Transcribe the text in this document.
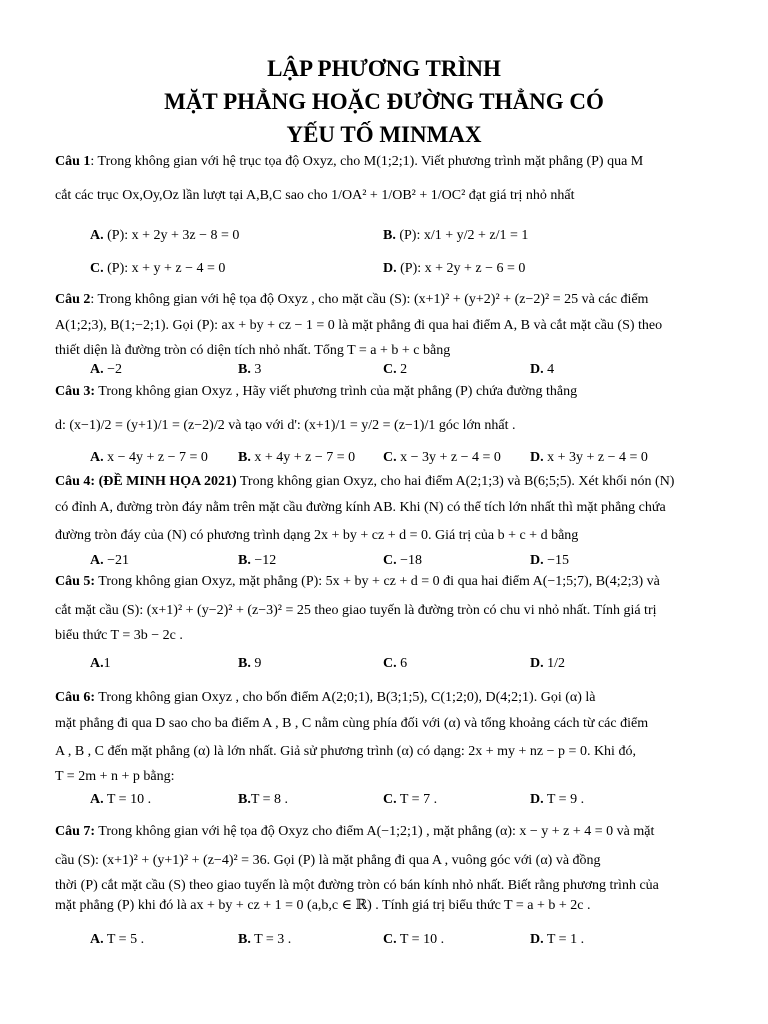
LẬP PHƯƠNG TRÌNH
MẶT PHẲNG HOẶC ĐƯỜNG THẲNG CÓ
YẾU TỐ MINMAX
Câu 1: Trong không gian với hệ trục tọa độ Oxyz, cho M(1;2;1). Viết phương trình mặt phẳng (P) qua M
cắt các trục Ox,Oy,Oz lần lượt tại A,B,C sao cho 1/OA² + 1/OB² + 1/OC² đạt giá trị nhỏ nhất
A. (P): x + 2y + 3z − 8 = 0	B. (P): x/1 + y/2 + z/1 = 1
C. (P): x + y + z − 4 = 0	D. (P): x + 2y + z − 6 = 0
Câu 2: Trong không gian với hệ tọa độ Oxyz , cho mặt cầu (S): (x+1)² + (y+2)² + (z−2)² = 25 và các điểm
A(1;2;3), B(1;−2;1). Gọi (P): ax + by + cz − 1 = 0 là mặt phẳng đi qua hai điểm A, B và cắt mặt cầu (S) theo
thiết diện là đường tròn có diện tích nhỏ nhất. Tổng T = a + b + c bằng
A. −2	B. 3	C. 2	D. 4
Câu 3: Trong không gian Oxyz , Hãy viết phương trình của mặt phẳng (P) chứa đường thẳng
d: (x−1)/2 = (y+1)/1 = (z−2)/2 và tạo với d': (x+1)/1 = y/2 = (z−1)/1 góc lớn nhất .
A. x − 4y + z − 7 = 0 B. x + 4y + z − 7 = 0 C. x − 3y + z − 4 = 0 D. x + 3y + z − 4 = 0
Câu 4: (ĐỀ MINH HỌA 2021) Trong không gian Oxyz, cho hai điểm A(2;1;3) và B(6;5;5). Xét khối nón (N)
có đỉnh A, đường tròn đáy nằm trên mặt cầu đường kính AB. Khi (N) có thể tích lớn nhất thì mặt phẳng chứa
đường tròn đáy của (N) có phương trình dạng 2x + by + cz + d = 0. Giá trị của b + c + d bằng
A. −21	B. −12	C. −18	D. −15
Câu 5: Trong không gian Oxyz, mặt phẳng (P): 5x + by + cz + d = 0 đi qua hai điểm A(−1;5;7), B(4;2;3) và
cắt mặt cầu (S): (x+1)² + (y−2)² + (z−3)² = 25 theo giao tuyến là đường tròn có chu vi nhỏ nhất. Tính giá trị
biểu thức T = 3b − 2c .
A.1	B. 9	C. 6	D. 1/2
Câu 6: Trong không gian Oxyz , cho bốn điểm A(2;0;1), B(3;1;5), C(1;2;0), D(4;2;1). Gọi (α) là
mặt phẳng đi qua D sao cho ba điểm A , B , C nằm cùng phía đối với (α) và tổng khoảng cách từ các điểm
A , B , C đến mặt phẳng (α) là lớn nhất. Giả sử phương trình (α) có dạng: 2x + my + nz − p = 0. Khi đó,
T = 2m + n + p bằng:
A. T = 10 .	B.T = 8 .	C. T = 7 .	D. T = 9 .
Câu 7: Trong không gian với hệ tọa độ Oxyz cho điểm A(−1;2;1) , mặt phẳng (α): x − y + z + 4 = 0 và mặt
cầu (S): (x+1)² + (y+1)² + (z−4)² = 36. Gọi (P) là mặt phẳng đi qua A , vuông góc với (α) và đồng
thời (P) cắt mặt cầu (S) theo giao tuyến là một đường tròn có bán kính nhỏ nhất. Biết rằng phương trình của
mặt phẳng (P) khi đó là ax + by + cz + 1 = 0 (a,b,c ∈ ℝ) . Tính giá trị biểu thức T = a + b + 2c .
A. T = 5 .	B. T = 3 .	C. T = 10 .	D. T = 1 .
